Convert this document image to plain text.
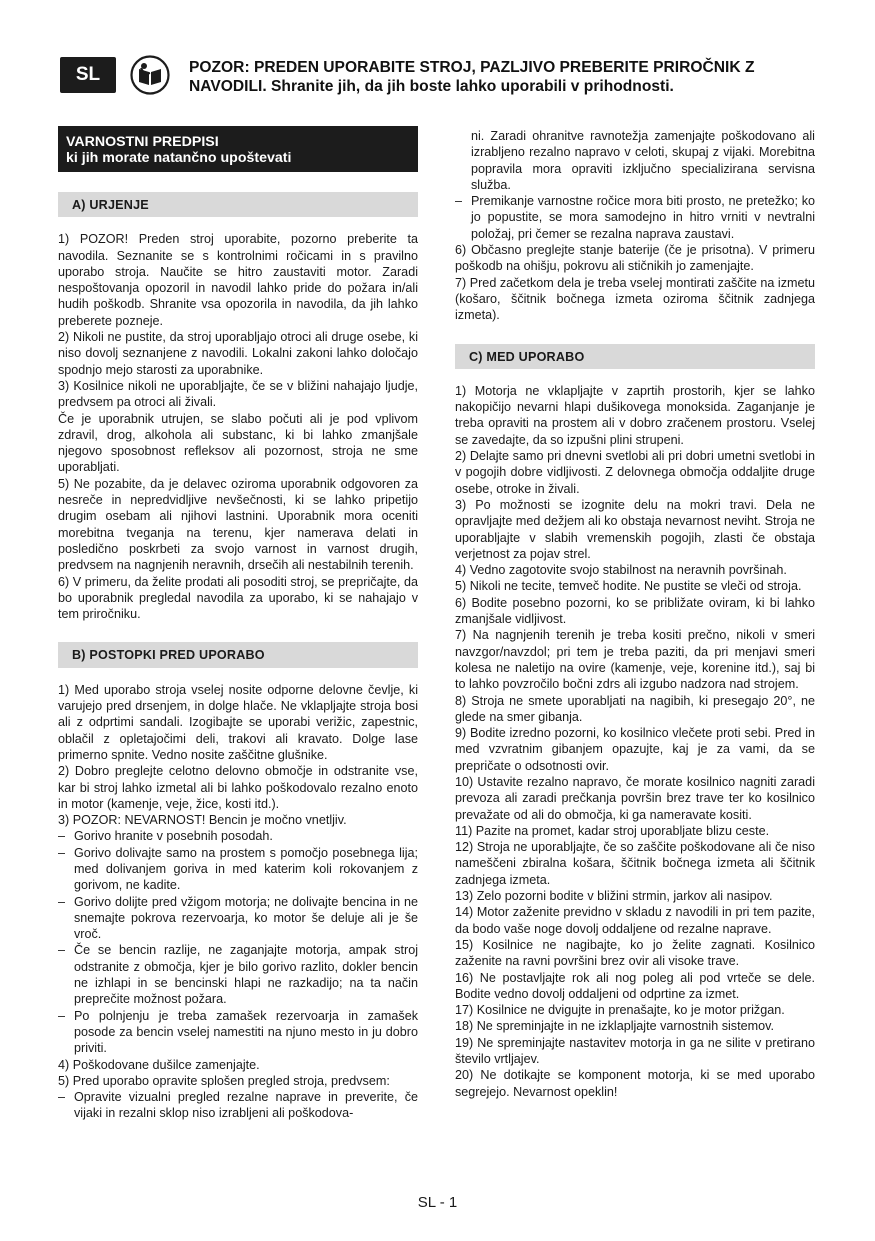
SL	POZOR: PREDEN UPORABITE STROJ, PAZLJIVO PREBERITE PRIROČNIK Z NAVODILI. Shranite jih, da jih boste lahko uporabili v prihodnosti.
VARNOSTNI PREDPISI
ki jih morate natančno upoštevati
A) URJENJE

1) POZOR! Preden stroj uporabite, pozorno preberite ta navodila. Seznanite se s kontrolnimi ročicami in s pravilno uporabo stroja. Naučite se hitro zaustaviti motor. Zaradi nespoštovanja opozoril in navodil lahko pride do požara in/ali hudih poškodb. Shranite vsa opozorila in navodila, da jih lahko preberete pozneje.

2) Nikoli ne pustite, da stroj uporabljajo otroci ali druge osebe, ki niso dovolj seznanjene z navodili. Lokalni zakoni lahko določajo spodnjo mejo starosti za uporabnike.

3) Kosilnice nikoli ne uporabljajte, če se v bližini nahajajo ljudje, predvsem pa otroci ali živali.

Če je uporabnik utrujen, se slabo počuti ali je pod vplivom zdravil, drog, alkohola ali substanc, ki bi lahko zmanjšale njegovo sposobnost refleksov ali pozornost, stroja ne sme uporabljati.

5) Ne pozabite, da je delavec oziroma uporabnik odgovoren za nesreče in nepredvidljive nevšečnosti, ki se lahko pripetijo drugim osebam ali njihovi lastnini. Uporabnik mora oceniti morebitna tveganja na terenu, kjer namerava delati in posledično poskrbeti za svojo varnost in varnost drugih, predvsem na nagnjenih neravnih, drsečih ali nestabilnih terenih.

6) V primeru, da želite prodati ali posoditi stroj, se prepričajte, da bo uporabnik pregledal navodila za uporabo, ki se nahajajo v tem priročniku.

B) POSTOPKI PRED UPORABO

1) Med uporabo stroja vselej nosite odporne delovne čevlje, ki varujejo pred drsenjem, in dolge hlače. Ne vklapljajte stroja bosi ali z odprtimi sandali. Izogibajte se uporabi verižic, zapestnic, oblačil z opletajočimi deli, trakovi ali kravato. Dolge lase primerno spnite. Vedno nosite zaščitne glušnike.

2) Dobro preglejte celotno delovno območje in odstranite vse, kar bi stroj lahko izmetal ali bi lahko poškodovalo rezalno enoto in motor (kamenje, veje, žice, kosti itd.).

3) POZOR: NEVARNOST! Bencin je močno vnetljiv.

– Gorivo hranite v posebnih posodah.
– Gorivo dolivajte samo na prostem s pomočjo posebnega lija; med dolivanjem goriva in med katerim koli rokovanjem z gorivom, ne kadite.
– Gorivo dolijte pred vžigom motorja; ne dolivajte bencina in ne snemajte pokrova rezervoarja, ko motor še deluje ali je še vroč.
– Če se bencin razlije, ne zaganjajte motorja, ampak stroj odstranite z območja, kjer je bilo gorivo razlito, dokler bencin ne izhlapi in se bencinski hlapi ne razkadijo; na ta način preprečite možnost požara.
– Po polnjenju je treba zamašek rezervoarja in zamašek posode za bencin vselej namestiti na njuno mesto in ju dobro priviti.

4) Poškodovane dušilce zamenjajte.

5) Pred uporabo opravite splošen pregled stroja, predvsem:

– Opravite vizualni pregled rezalne naprave in preverite, če vijaki in rezalni sklop niso izrabljeni ali poškodova-

ni. Zaradi ohranitve ravnotežja zamenjajte poškodovano ali izrabljeno rezalno napravo v celoti, skupaj z vijaki. Morebitna popravila mora opraviti izključno specializirana servisna služba.

– Premikanje varnostne ročice mora biti prosto, ne pretežko; ko jo popustite, se mora samodejno in hitro vrniti v nevtralni položaj, pri čemer se rezalna naprava zaustavi.

6) Občasno preglejte stanje baterije (če je prisotna). V primeru poškodb na ohišju, pokrovu ali stičnikih jo zamenjajte.

7) Pred začetkom dela je treba vselej montirati zaščite na izmetu (košaro, ščitnik bočnega izmeta oziroma ščitnik zadnjega izmeta).

C) MED UPORABO

1) Motorja ne vklapljajte v zaprtih prostorih, kjer se lahko nakopičijo nevarni hlapi dušikovega monoksida. Zaganjanje je treba opraviti na prostem ali v dobro zračenem prostoru. Vselej se zavedajte, da so izpušni plini strupeni.

2) Delajte samo pri dnevni svetlobi ali pri dobri umetni svetlobi in v pogojih dobre vidljivosti. Z delovnega območja oddaljite druge osebe, otroke in živali.

3) Po možnosti se izognite delu na mokri travi. Dela ne opravljajte med dežjem ali ko obstaja nevarnost neviht. Stroja ne uporabljajte v slabih vremenskih pogojih, zlasti če obstaja verjetnost za pojav strel.

4) Vedno zagotovite svojo stabilnost na neravnih površinah.

5) Nikoli ne tecite, temveč hodite. Ne pustite se vleči od stroja.

6) Bodite posebno pozorni, ko se približate oviram, ki bi lahko zmanjšale vidljivost.

7) Na nagnjenih terenih je treba kositi prečno, nikoli v smeri navzgor/navzdol; pri tem je treba paziti, da pri menjavi smeri kolesa ne naletijo na ovire (kamenje, veje, korenine itd.), saj bi to lahko povzročilo bočni zdrs ali izgubo nadzora nad strojem.

8) Stroja ne smete uporabljati na nagibih, ki presegajo 20°, ne glede na smer gibanja.

9) Bodite izredno pozorni, ko kosilnico vlečete proti sebi. Pred in med vzvratnim gibanjem opazujte, kaj je za vami, da se prepričate o odsotnosti ovir.

10) Ustavite rezalno napravo, če morate kosilnico nagniti zaradi prevoza ali zaradi prečkanja površin brez trave ter ko kosilnico prevažate od ali do območja, ki ga nameravate kositi.

11) Pazite na promet, kadar stroj uporabljate blizu ceste.

12) Stroja ne uporabljajte, če so zaščite poškodovane ali če niso nameščeni zbiralna košara, ščitnik bočnega izmeta ali ščitnik zadnjega izmeta.

13) Zelo pozorni bodite v bližini strmin, jarkov ali nasipov.

14) Motor zaženite previdno v skladu z navodili in pri tem pazite, da bodo vaše noge dovolj oddaljene od rezalne naprave.

15) Kosilnice ne nagibajte, ko jo želite zagnati. Kosilnico zaženite na ravni površini brez ovir ali visoke trave.

16) Ne postavljajte rok ali nog poleg ali pod vrteče se dele. Bodite vedno dovolj oddaljeni od odprtine za izmet.

17) Kosilnice ne dvigujte in prenašajte, ko je motor prižgan.

18) Ne spreminjajte in ne izklapljajte varnostnih sistemov.

19) Ne spreminjajte nastavitev motorja in ga ne silite v pretirano število vrtljajev.

20) Ne dotikajte se komponent motorja, ki se med uporabo segrejejo. Nevarnost opeklin!

SL - 1
